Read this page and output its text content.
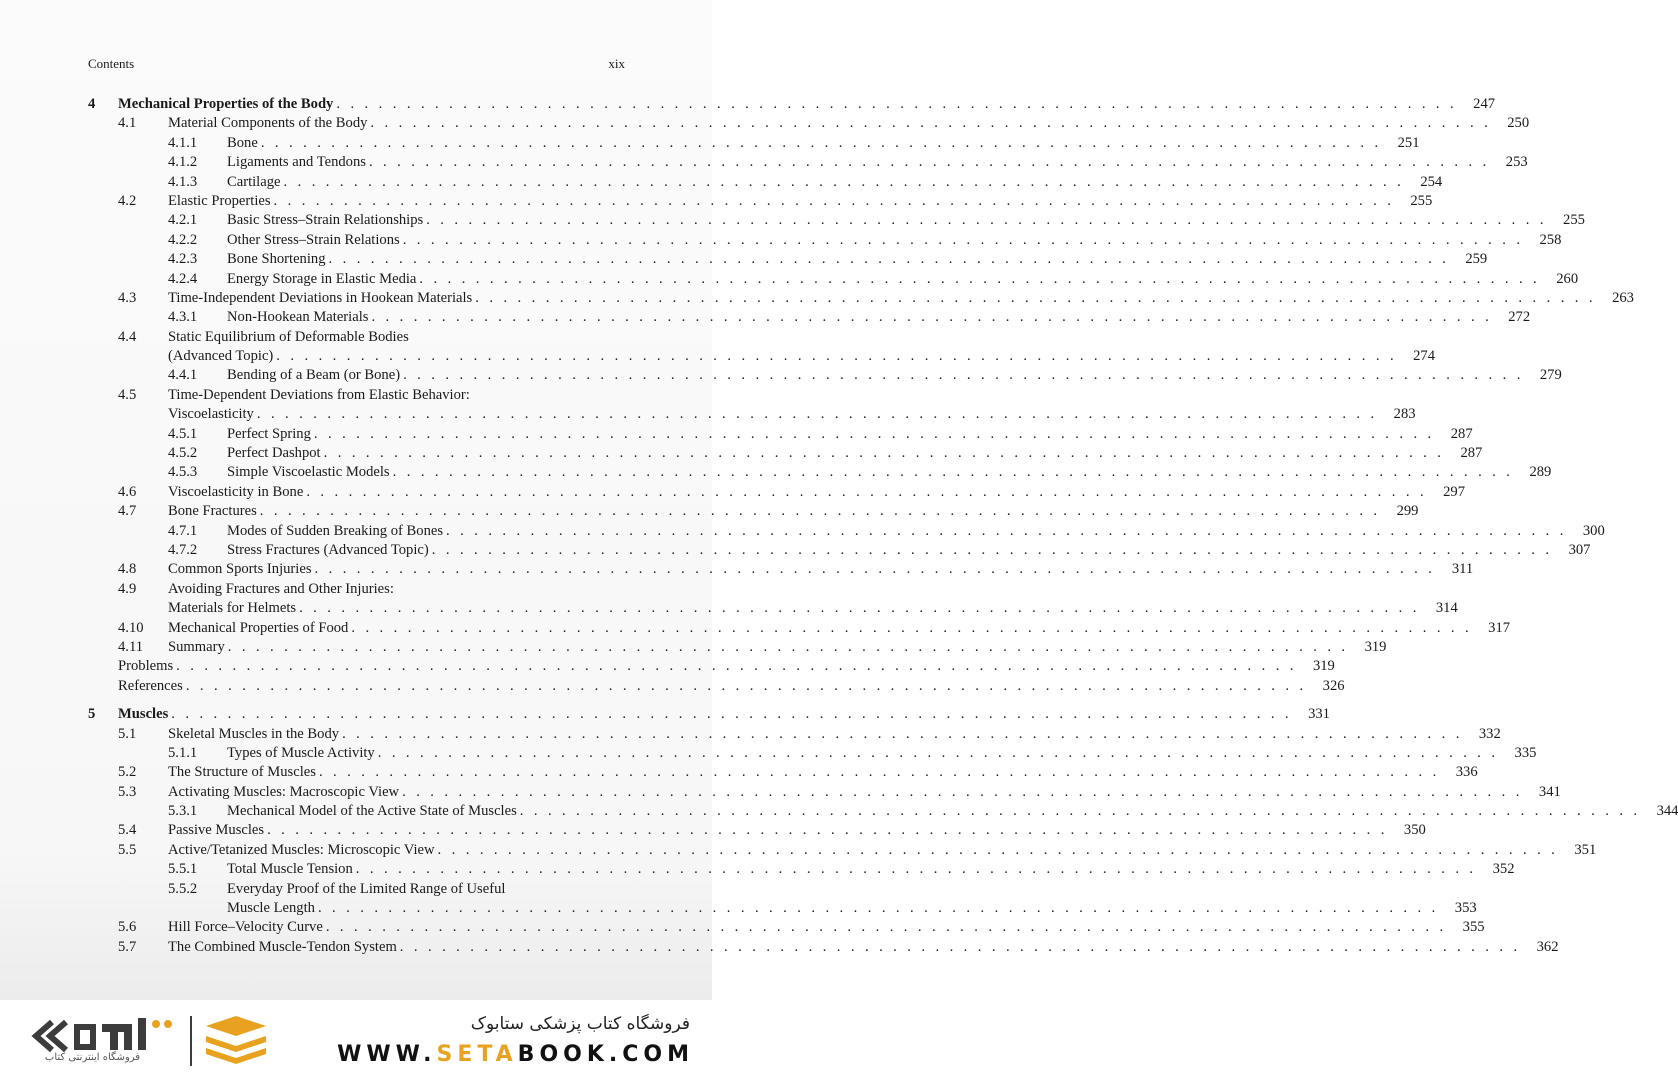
Contents	xix
4 Mechanical Properties of the Body . . . . . . . . . . . . . . . . . . . . . . . . . . . . . . . . . . . . . . . . . . . . . . . . . . . . . . . . . . . . . . . . . . . . . . . . . . . . . . . .	247
4.1 Material Components of the Body . . . . . . . . . . . . . . . . . . . . . . . . . . . . . . . . . . . . . . . . . . . . . . . . . . . . . . . . . . . . . . . . . . . . . . . . . . . . . . . .	250
4.1.1 Bone . . . . . . . . . . . . . . . . . . . . . . . . . . . . . . . . . . . . . . . . . . . . . . . . . . . . . . . . . . . . . . . . . . . . . . . . . . . . . . . .	251
4.1.2 Ligaments and Tendons . . . . . . . . . . . . . . . . . . . . . . . . . . . . . . . . . . . . . . . . . . . . . . . . . . . . . . . . . . . . . . . . . . . . . . . . . . . . . . . .	253
4.1.3 Cartilage . . . . . . . . . . . . . . . . . . . . . . . . . . . . . . . . . . . . . . . . . . . . . . . . . . . . . . . . . . . . . . . . . . . . . . . . . . . . . . . .	254
4.2 Elastic Properties . . . . . . . . . . . . . . . . . . . . . . . . . . . . . . . . . . . . . . . . . . . . . . . . . . . . . . . . . . . . . . . . . . . . . . . . . . . . . . . .	255
4.2.1 Basic Stress–Strain Relationships . . . . . . . . . . . . . . . . . . . . . . . . . . . . . . . . . . . . . . . . . . . . . . . . . . . . . . . . . . . . . . . . . . . . . . . . . . . . . . . .	255
4.2.2 Other Stress–Strain Relations . . . . . . . . . . . . . . . . . . . . . . . . . . . . . . . . . . . . . . . . . . . . . . . . . . . . . . . . . . . . . . . . . . . . . . . . . . . . . . . .	258
4.2.3 Bone Shortening . . . . . . . . . . . . . . . . . . . . . . . . . . . . . . . . . . . . . . . . . . . . . . . . . . . . . . . . . . . . . . . . . . . . . . . . . . . . . . . .	259
4.2.4 Energy Storage in Elastic Media . . . . . . . . . . . . . . . . . . . . . . . . . . . . . . . . . . . . . . . . . . . . . . . . . . . . . . . . . . . . . . . . . . . . . . . . . . . . . . . .	260
4.3 Time-Independent Deviations in Hookean Materials . . . . . . . . . . . . . . . . . . . . . . . . . . . . . . . . . . . . . . . . . . . . . . . . . . . . . . . . . . . . . . . . . . . . . . . . . . . . . . . .	263
4.3.1 Non-Hookean Materials . . . . . . . . . . . . . . . . . . . . . . . . . . . . . . . . . . . . . . . . . . . . . . . . . . . . . . . . . . . . . . . . . . . . . . . . . . . . . . . .	272
4.4 Static Equilibrium of Deformable Bodies
(Advanced Topic) . . . . . . . . . . . . . . . . . . . . . . . . . . . . . . . . . . . . . . . . . . . . . . . . . . . . . . . . . . . . . . . . . . . . . . . . . . . . . . . .	274
4.4.1 Bending of a Beam (or Bone) . . . . . . . . . . . . . . . . . . . . . . . . . . . . . . . . . . . . . . . . . . . . . . . . . . . . . . . . . . . . . . . . . . . . . . . . . . . . . . . .	279
4.5 Time-Dependent Deviations from Elastic Behavior:
Viscoelasticity . . . . . . . . . . . . . . . . . . . . . . . . . . . . . . . . . . . . . . . . . . . . . . . . . . . . . . . . . . . . . . . . . . . . . . . . . . . . . . . .	283
4.5.1 Perfect Spring . . . . . . . . . . . . . . . . . . . . . . . . . . . . . . . . . . . . . . . . . . . . . . . . . . . . . . . . . . . . . . . . . . . . . . . . . . . . . . . .	287
4.5.2 Perfect Dashpot . . . . . . . . . . . . . . . . . . . . . . . . . . . . . . . . . . . . . . . . . . . . . . . . . . . . . . . . . . . . . . . . . . . . . . . . . . . . . . . .	287
4.5.3 Simple Viscoelastic Models . . . . . . . . . . . . . . . . . . . . . . . . . . . . . . . . . . . . . . . . . . . . . . . . . . . . . . . . . . . . . . . . . . . . . . . . . . . . . . . .	289
4.6 Viscoelasticity in Bone . . . . . . . . . . . . . . . . . . . . . . . . . . . . . . . . . . . . . . . . . . . . . . . . . . . . . . . . . . . . . . . . . . . . . . . . . . . . . . . .	297
4.7 Bone Fractures . . . . . . . . . . . . . . . . . . . . . . . . . . . . . . . . . . . . . . . . . . . . . . . . . . . . . . . . . . . . . . . . . . . . . . . . . . . . . . . .	299
4.7.1 Modes of Sudden Breaking of Bones . . . . . . . . . . . . . . . . . . . . . . . . . . . . . . . . . . . . . . . . . . . . . . . . . . . . . . . . . . . . . . . . . . . . . . . . . . . . . . . .	300
4.7.2 Stress Fractures (Advanced Topic) . . . . . . . . . . . . . . . . . . . . . . . . . . . . . . . . . . . . . . . . . . . . . . . . . . . . . . . . . . . . . . . . . . . . . . . . . . . . . . . .	307
4.8 Common Sports Injuries . . . . . . . . . . . . . . . . . . . . . . . . . . . . . . . . . . . . . . . . . . . . . . . . . . . . . . . . . . . . . . . . . . . . . . . . . . . . . . . .	311
4.9 Avoiding Fractures and Other Injuries:
Materials for Helmets . . . . . . . . . . . . . . . . . . . . . . . . . . . . . . . . . . . . . . . . . . . . . . . . . . . . . . . . . . . . . . . . . . . . . . . . . . . . . . . .	314
4.10 Mechanical Properties of Food . . . . . . . . . . . . . . . . . . . . . . . . . . . . . . . . . . . . . . . . . . . . . . . . . . . . . . . . . . . . . . . . . . . . . . . . . . . . . . . .	317
4.11 Summary . . . . . . . . . . . . . . . . . . . . . . . . . . . . . . . . . . . . . . . . . . . . . . . . . . . . . . . . . . . . . . . . . . . . . . . . . . . . . . . .	319
Problems . . . . . . . . . . . . . . . . . . . . . . . . . . . . . . . . . . . . . . . . . . . . . . . . . . . . . . . . . . . . . . . . . . . . . . . . . . . . . . . .	319
References . . . . . . . . . . . . . . . . . . . . . . . . . . . . . . . . . . . . . . . . . . . . . . . . . . . . . . . . . . . . . . . . . . . . . . . . . . . . . . . .	326
5 Muscles . . . . . . . . . . . . . . . . . . . . . . . . . . . . . . . . . . . . . . . . . . . . . . . . . . . . . . . . . . . . . . . . . . . . . . . . . . . . . . . .	331
5.1 Skeletal Muscles in the Body . . . . . . . . . . . . . . . . . . . . . . . . . . . . . . . . . . . . . . . . . . . . . . . . . . . . . . . . . . . . . . . . . . . . . . . . . . . . . . . .	332
5.1.1 Types of Muscle Activity . . . . . . . . . . . . . . . . . . . . . . . . . . . . . . . . . . . . . . . . . . . . . . . . . . . . . . . . . . . . . . . . . . . . . . . . . . . . . . . .	335
5.2 The Structure of Muscles . . . . . . . . . . . . . . . . . . . . . . . . . . . . . . . . . . . . . . . . . . . . . . . . . . . . . . . . . . . . . . . . . . . . . . . . . . . . . . . .	336
5.3 Activating Muscles: Macroscopic View . . . . . . . . . . . . . . . . . . . . . . . . . . . . . . . . . . . . . . . . . . . . . . . . . . . . . . . . . . . . . . . . . . . . . . . . . . . . . . . .	341
5.3.1 Mechanical Model of the Active State of Muscles . . . . . . . . . . . . . . . . . . . . . . . . . . . . . . . . . . . . . . . . . . . . . . . . . . . . . . . . . . . . . . . . . . . . . . . . . . . . . . . .	344
5.4 Passive Muscles . . . . . . . . . . . . . . . . . . . . . . . . . . . . . . . . . . . . . . . . . . . . . . . . . . . . . . . . . . . . . . . . . . . . . . . . . . . . . . . .	350
5.5 Active/Tetanized Muscles: Microscopic View . . . . . . . . . . . . . . . . . . . . . . . . . . . . . . . . . . . . . . . . . . . . . . . . . . . . . . . . . . . . . . . . . . . . . . . . . . . . . . . .	351
5.5.1 Total Muscle Tension . . . . . . . . . . . . . . . . . . . . . . . . . . . . . . . . . . . . . . . . . . . . . . . . . . . . . . . . . . . . . . . . . . . . . . . . . . . . . . . .	352
5.5.2 Everyday Proof of the Limited Range of Useful
Muscle Length . . . . . . . . . . . . . . . . . . . . . . . . . . . . . . . . . . . . . . . . . . . . . . . . . . . . . . . . . . . . . . . . . . . . . . . . . . . . . . . .	353
5.6 Hill Force–Velocity Curve . . . . . . . . . . . . . . . . . . . . . . . . . . . . . . . . . . . . . . . . . . . . . . . . . . . . . . . . . . . . . . . . . . . . . . . . . . . . . . . .	355
5.7 The Combined Muscle-Tendon System . . . . . . . . . . . . . . . . . . . . . . . . . . . . . . . . . . . . . . . . . . . . . . . . . . . . . . . . . . . . . . . . . . . . . . . . . . . . . . . .	362
فروشگاه اینترنتی کتاب
فروشگاه کتاب پزشکی ستابوک
WWW.SETABOOK.COM
